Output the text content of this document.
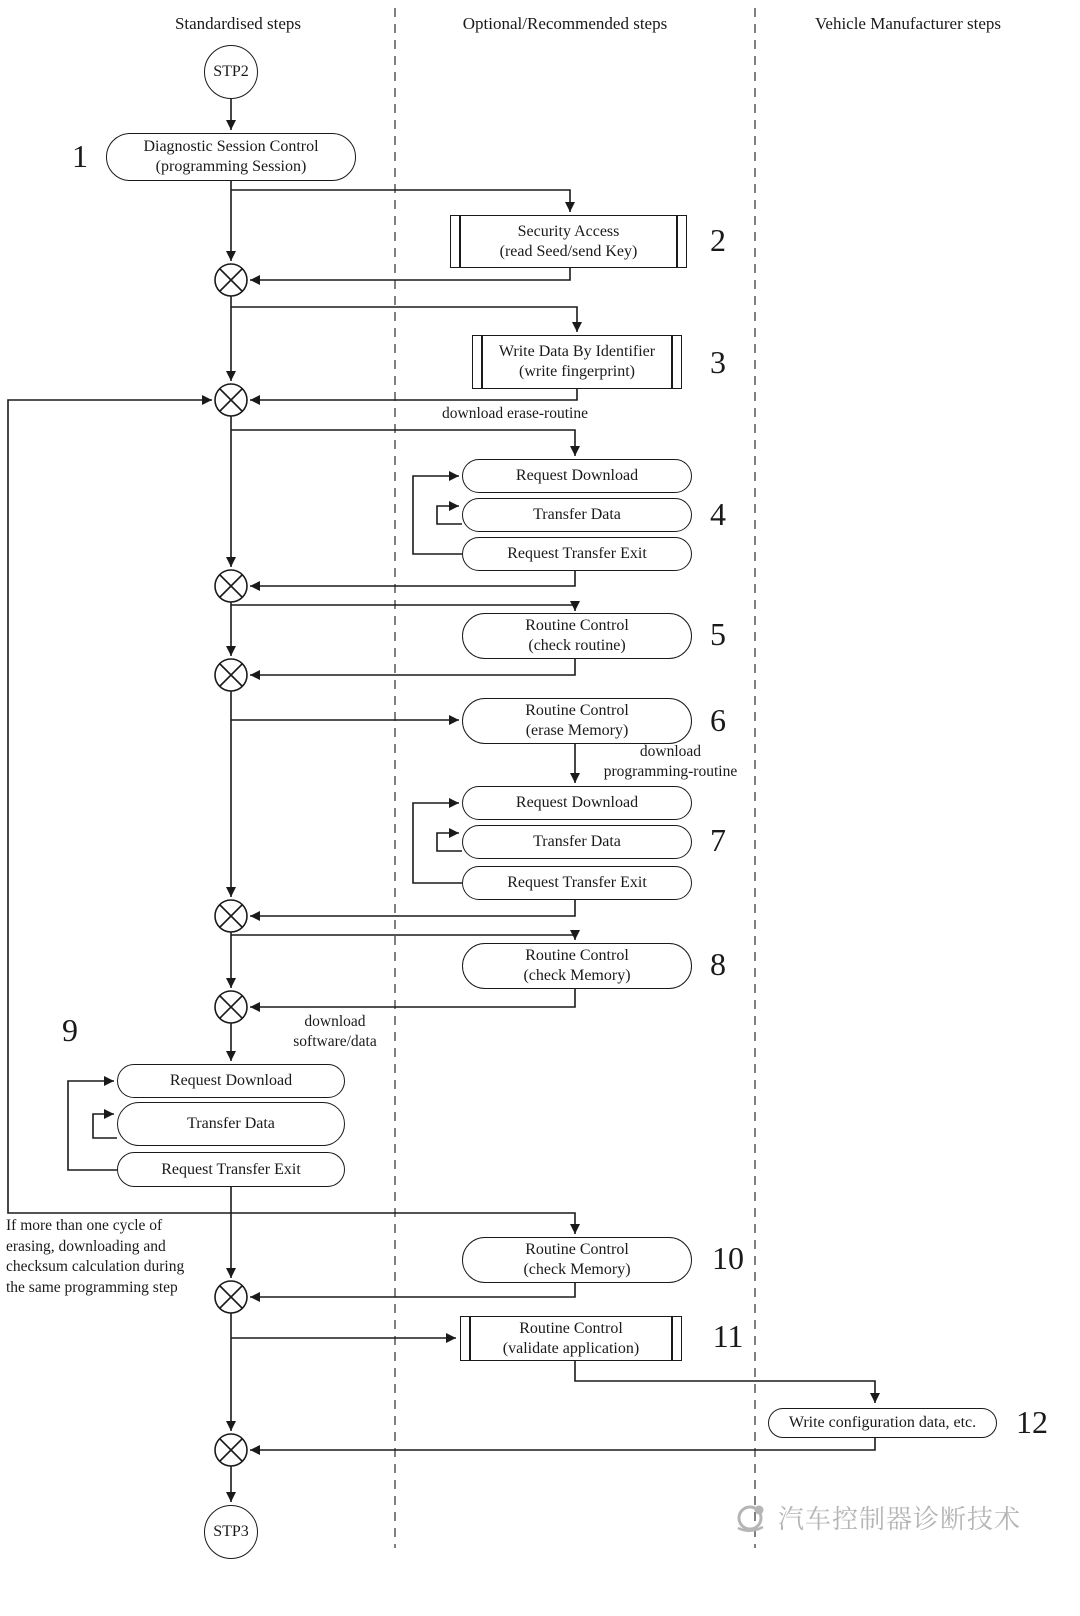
Standardised steps	Optional/Recommended steps	Vehicle Manufacturer steps
STP2
STP3
1	Diagnostic Session Control
(programming Session)
2
Security Access
(read Seed/send Key)
3
Write Data By Identifier
(write fingerprint)
download erase-routine
4
Request Download
Transfer Data
Request Transfer Exit
5
Routine Control
(check routine)
6
Routine Control
(erase Memory)
download
programming-routine
7
Request Download
Transfer Data
Request Transfer Exit
8
Routine Control
(check Memory)
download
software/data
9
Request Download
Transfer Data
Request Transfer Exit
If more than one cycle of
erasing, downloading and
checksum calculation during
the same programming step
10
Routine Control
(check Memory)
11
Routine Control
(validate application)
12
Write configuration data, etc.
汽车控制器诊断技术
